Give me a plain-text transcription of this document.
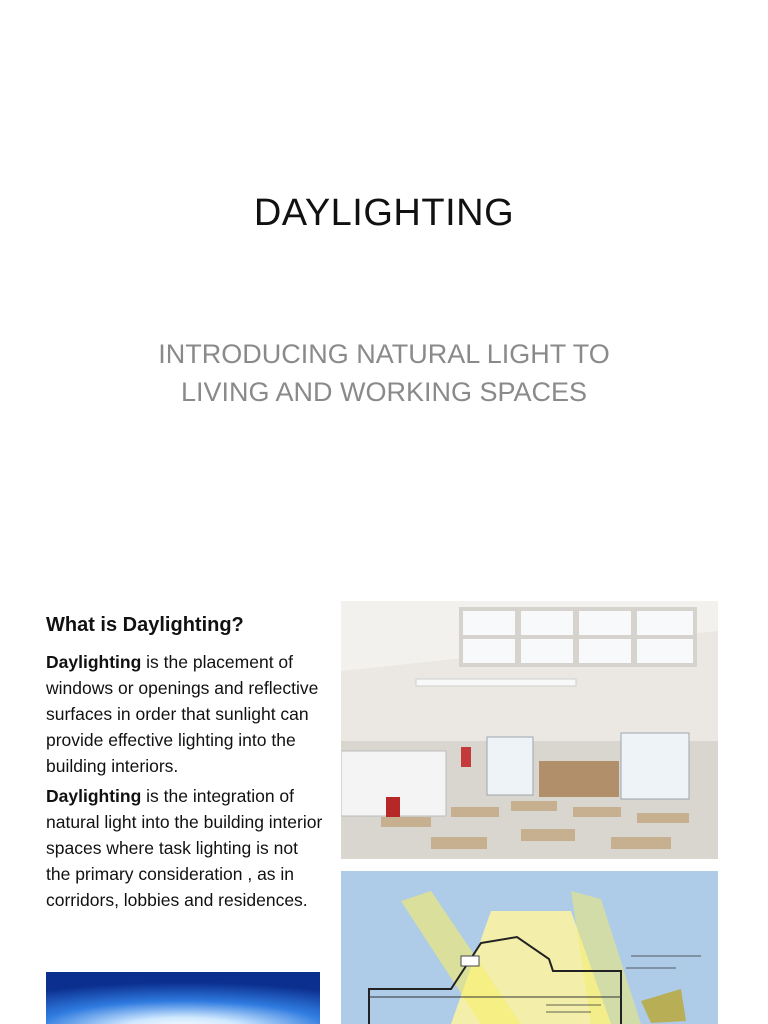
DAYLIGHTING
INTRODUCING NATURAL LIGHT TO
LIVING AND WORKING SPACES
What is Daylighting?

Daylighting is the placement of windows or openings and reflective surfaces in order that sunlight can provide effective lighting into the building interiors.

Daylighting is the integration of natural light into the building interior spaces where task lighting is not the primary consideration , as in corridors, lobbies and residences.
